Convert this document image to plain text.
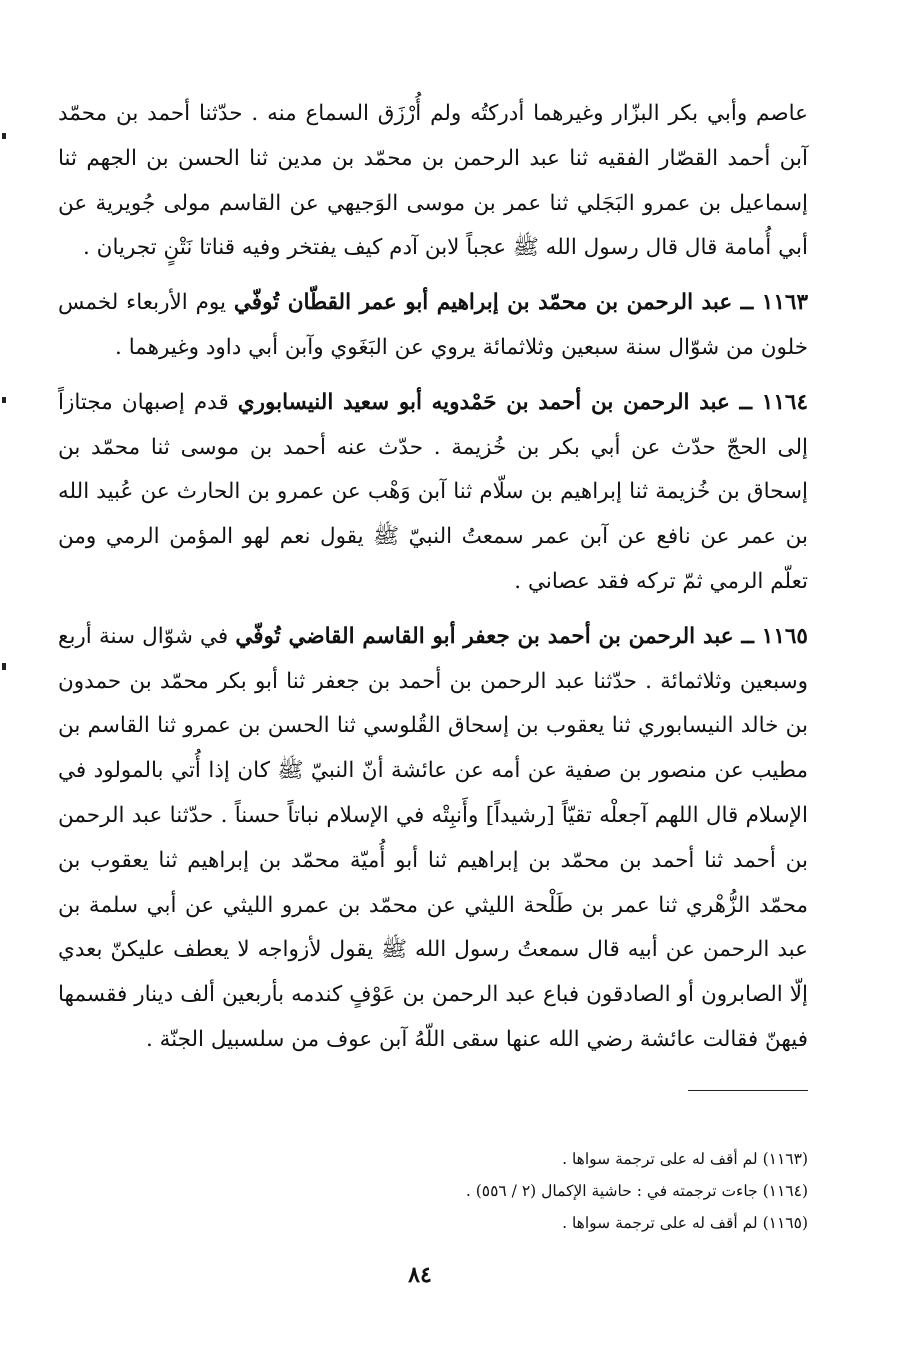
عاصم وأبي بكر البزّار وغيرهما أدركتُه ولم أُرْزَق السماع منه . حدّثنا أحمد بن محمّد آبن أحمد القصّار الفقيه ثنا عبد الرحمن بن محمّد بن مدين ثنا الحسن بن الجهم ثنا إسماعيل بن عمرو البَجَلي ثنا عمر بن موسى الوَجيهي عن القاسم مولى جُويرية عن أبي أُمامة قال قال رسول الله ﷺ عجباً لابن آدم كيف يفتخر وفيه قناتا نَتْنٍ تجريان .

١١٦٣ ــ عبد الرحمن بن محمّد بن إبراهيم أبو عمر القطّان تُوفّي يوم الأربعاء لخمس خلون من شوّال سنة سبعين وثلاثمائة يروي عن البَغَوي وآبن أبي داود وغيرهما .

١١٦٤ ــ عبد الرحمن بن أحمد بن حَمْدويه أبو سعيد النيسابوري قدم إصبهان مجتازاً إلى الحجّ حدّث عن أبي بكر بن خُزيمة . حدّث عنه أحمد بن موسى ثنا محمّد بن إسحاق بن خُزيمة ثنا إبراهيم بن سلّام ثنا آبن وَهْب عن عمرو بن الحارث عن عُبيد الله بن عمر عن نافع عن آبن عمر سمعتُ النبيّ ﷺ يقول نعم لهو المؤمن الرمي ومن تعلّم الرمي ثمّ تركه فقد عصاني .

١١٦٥ ــ عبد الرحمن بن أحمد بن جعفر أبو القاسم القاضي تُوفّي في شوّال سنة أربع وسبعين وثلاثمائة . حدّثنا عبد الرحمن بن أحمد بن جعفر ثنا أبو بكر محمّد بن حمدون بن خالد النيسابوري ثنا يعقوب بن إسحاق القُلوسي ثنا الحسن بن عمرو ثنا القاسم بن مطيب عن منصور بن صفية عن أمه عن عائشة أنّ النبيّ ﷺ كان إذا أُتي بالمولود في الإسلام قال اللهم آجعلْه تقيّاً [رشيداً] وأَنبِتْه في الإسلام نباتاً حسناً . حدّثنا عبد الرحمن بن أحمد ثنا أحمد بن محمّد بن إبراهيم ثنا أبو أُميّة محمّد بن إبراهيم ثنا يعقوب بن محمّد الزُّهْري ثنا عمر بن طَلْحة الليثي عن محمّد بن عمرو الليثي عن أبي سلمة بن عبد الرحمن عن أبيه قال سمعتُ رسول الله ﷺ يقول لأزواجه لا يعطف عليكنّ بعدي إلّا الصابرون أو الصادقون فباع عبد الرحمن بن عَوْفٍ كندمه بأربعين ألف دينار فقسمها فيهنّ فقالت عائشة رضي الله عنها سقى اللّهُ آبن عوف من سلسبيل الجنّة .

(١١٦٣) لم أقف له على ترجمة سواها .
(١١٦٤) جاءت ترجمته في : حاشية الإكمال (٢ / ٥٥٦) .
(١١٦٥) لم أقف له على ترجمة سواها .
٨٤
